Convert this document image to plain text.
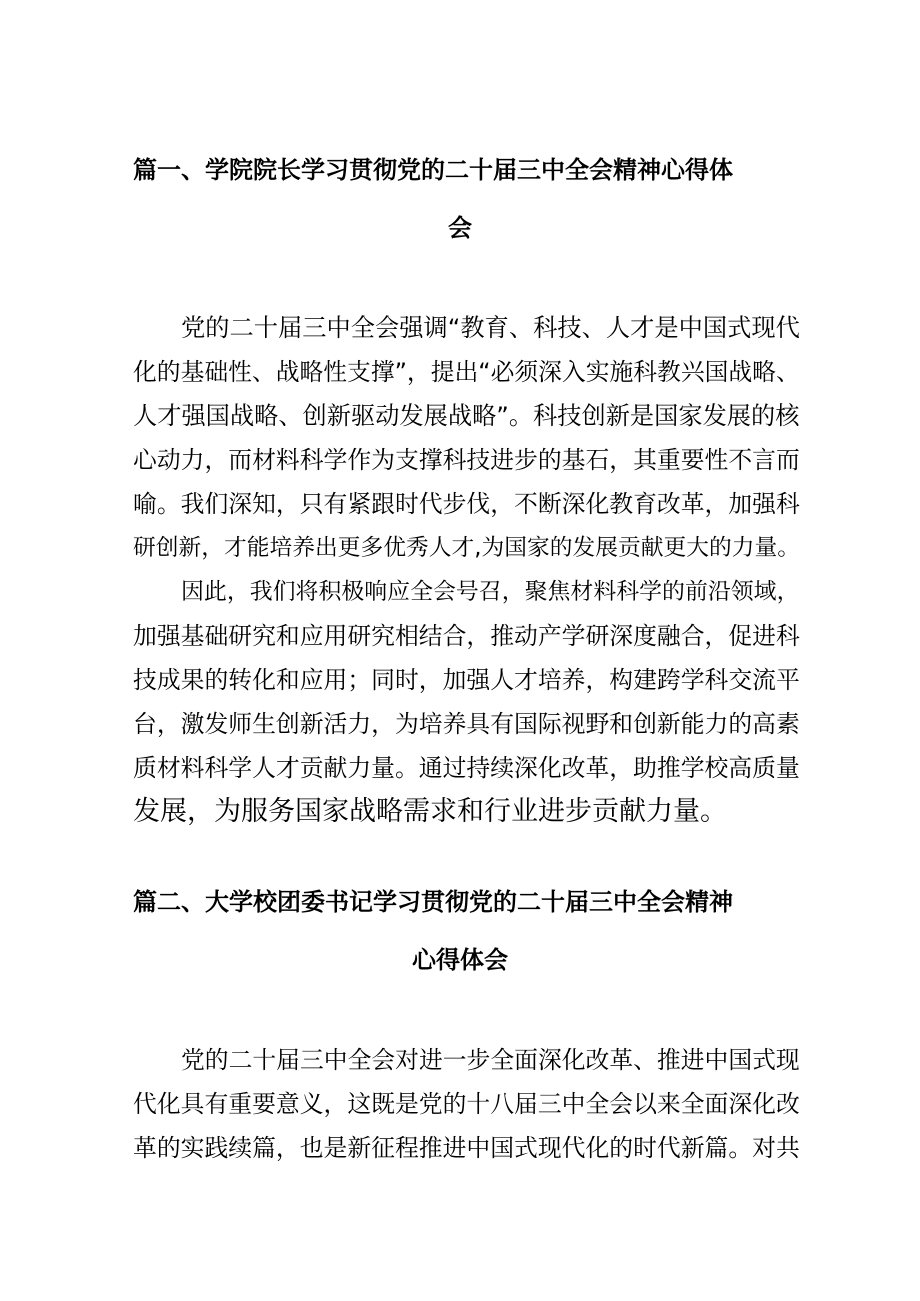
篇一、学院院长学习贯彻党的二十届三中全会精神心得体
会
党的二十届三中全会强调“教育、科技、人才是中国式现代
化的基础性、战略性支撑”，提出“必须深入实施科教兴国战略、
人才强国战略、创新驱动发展战略”。科技创新是国家发展的核
心动力，而材料科学作为支撑科技进步的基石，其重要性不言而
喻。我们深知，只有紧跟时代步伐，不断深化教育改革，加强科
研创新，才能培养出更多优秀人才,为国家的发展贡献更大的力量。
因此，我们将积极响应全会号召，聚焦材料科学的前沿领域，
加强基础研究和应用研究相结合，推动产学研深度融合，促进科
技成果的转化和应用；同时，加强人才培养，构建跨学科交流平
台，激发师生创新活力，为培养具有国际视野和创新能力的高素
质材料科学人才贡献力量。通过持续深化改革，助推学校高质量
发展，为服务国家战略需求和行业进步贡献力量。
篇二、大学校团委书记学习贯彻党的二十届三中全会精神
心得体会
党的二十届三中全会对进一步全面深化改革、推进中国式现
代化具有重要意义，这既是党的十八届三中全会以来全面深化改
革的实践续篇，也是新征程推进中国式现代化的时代新篇。对共
